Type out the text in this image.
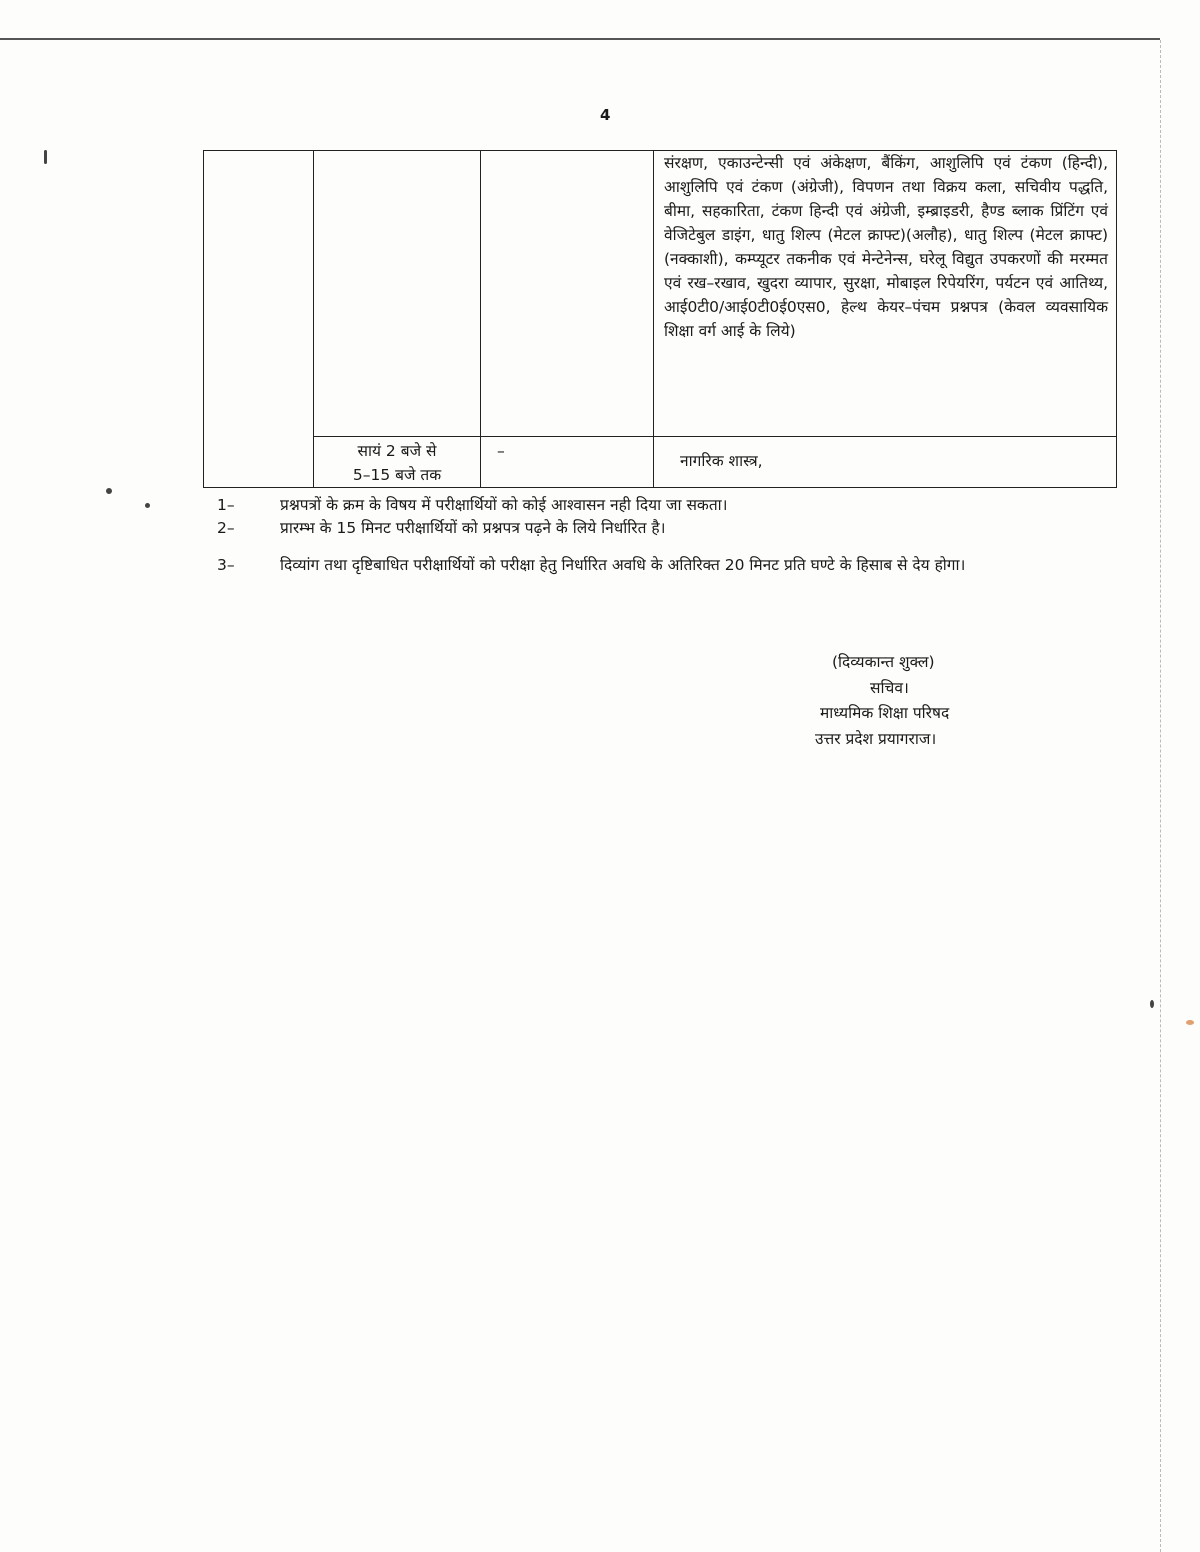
4
			संरक्षण, एकाउन्टेन्सी एवं अंकेक्षण, बैंकिंग, आशुलिपि एवं टंकण (हिन्दी), आशुलिपि एवं टंकण (अंग्रेजी), विपणन तथा विक्रय कला, सचिवीय पद्धति, बीमा, सहकारिता, टंकण हिन्दी एवं अंग्रेजी, इम्ब्राइडरी, हैण्ड ब्लाक प्रिंटिंग एवं वेजिटेबुल डाइंग, धातु शिल्प (मेटल क्राफ्ट)(अलौह), धातु शिल्प (मेटल क्राफ्ट)(नक्काशी), कम्प्यूटर तकनीक एवं मेन्टेनेन्स, घरेलू विद्युत उपकरणों की मरम्मत एवं रख–रखाव, खुदरा व्यापार, सुरक्षा, मोबाइल रिपेयरिंग, पर्यटन एवं आतिथ्य, आई0टी0/आई0टी0ई0एस0, हेल्थ केयर–पंचम प्रश्नपत्र (केवल व्यवसायिक शिक्षा वर्ग आई के लिये)

	सायं 2 बजे से
5–15 बजे तक	–	नागरिक शास्त्र,
1–	प्रश्नपत्रों के क्रम के विषय में परीक्षार्थियों को कोई आश्वासन नही दिया जा सकता।
2–	प्रारम्भ के 15 मिनट परीक्षार्थियों को प्रश्नपत्र पढ़ने के लिये निर्धारित है।
3–	दिव्यांग तथा दृष्टिबाधित परीक्षार्थियों को परीक्षा हेतु निर्धारित अवधि के अतिरिक्त 20 मिनट प्रति घण्टे के हिसाब से देय होगा।
(दिव्यकान्त शुक्ल)
सचिव।
माध्यमिक शिक्षा परिषद
उत्तर प्रदेश प्रयागराज।
